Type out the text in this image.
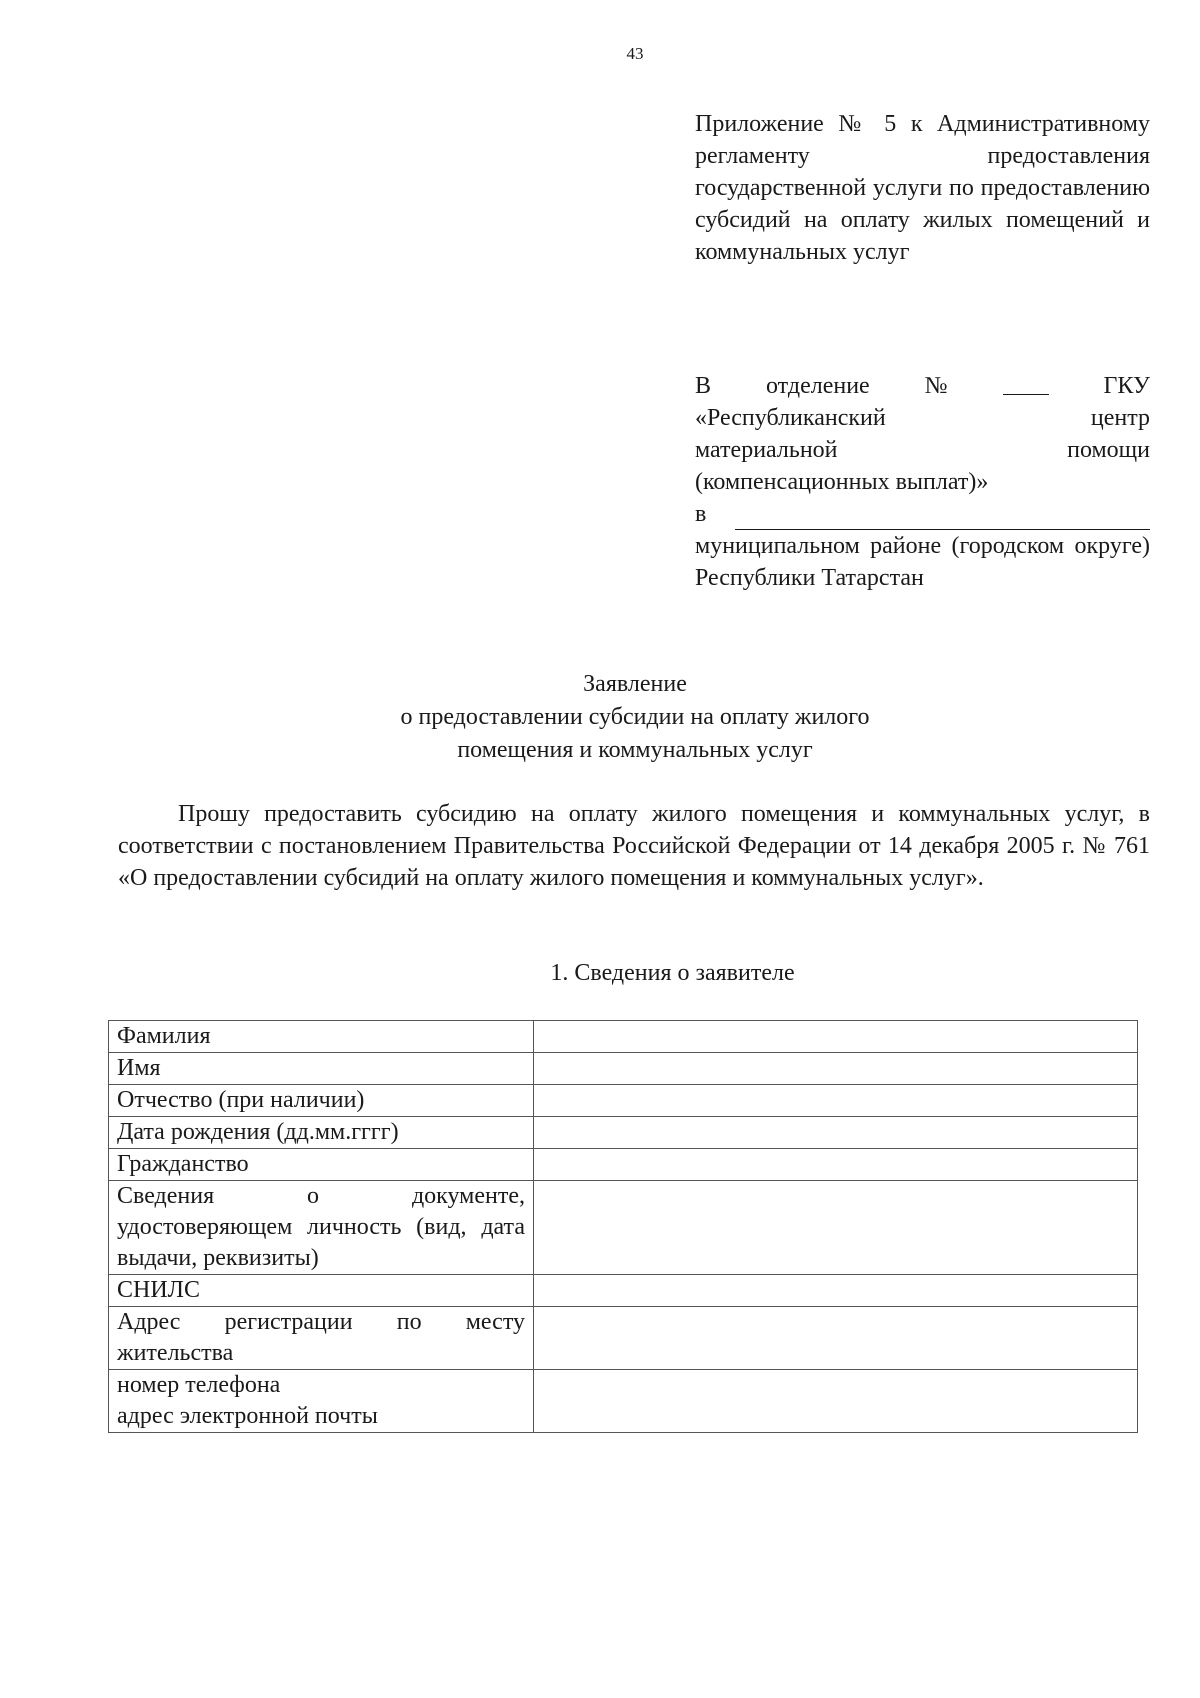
43
Приложение № 5 к Административному регламенту предоставления государственной услуги по предоставлению субсидий на оплату жилых помещений и коммунальных услуг
В отделение №	ГКУ
«Республиканский	центр
материальной	помощи
(компенсационных выплат)»
в
муниципальном районе (городском округе) Республики Татарстан
Заявление
о предоставлении субсидии на оплату жилого
помещения и коммунальных услуг
Прошу предоставить субсидию на оплату жилого помещения и коммунальных услуг, в соответствии с постановлением Правительства Российской Федерации от 14 декабря 2005 г. № 761 «О предоставлении субсидий на оплату жилого помещения и коммунальных услуг».
1. Сведения о заявителе
Фамилия	
Имя	
Отчество (при наличии)	
Дата рождения (дд.мм.гггг)	
Гражданство	
Сведения о документе, удостоверяющем личность (вид, дата выдачи, реквизиты)	
СНИЛС	
Адрес регистрации по месту жительства	

номер телефона
адрес электронной почты	
